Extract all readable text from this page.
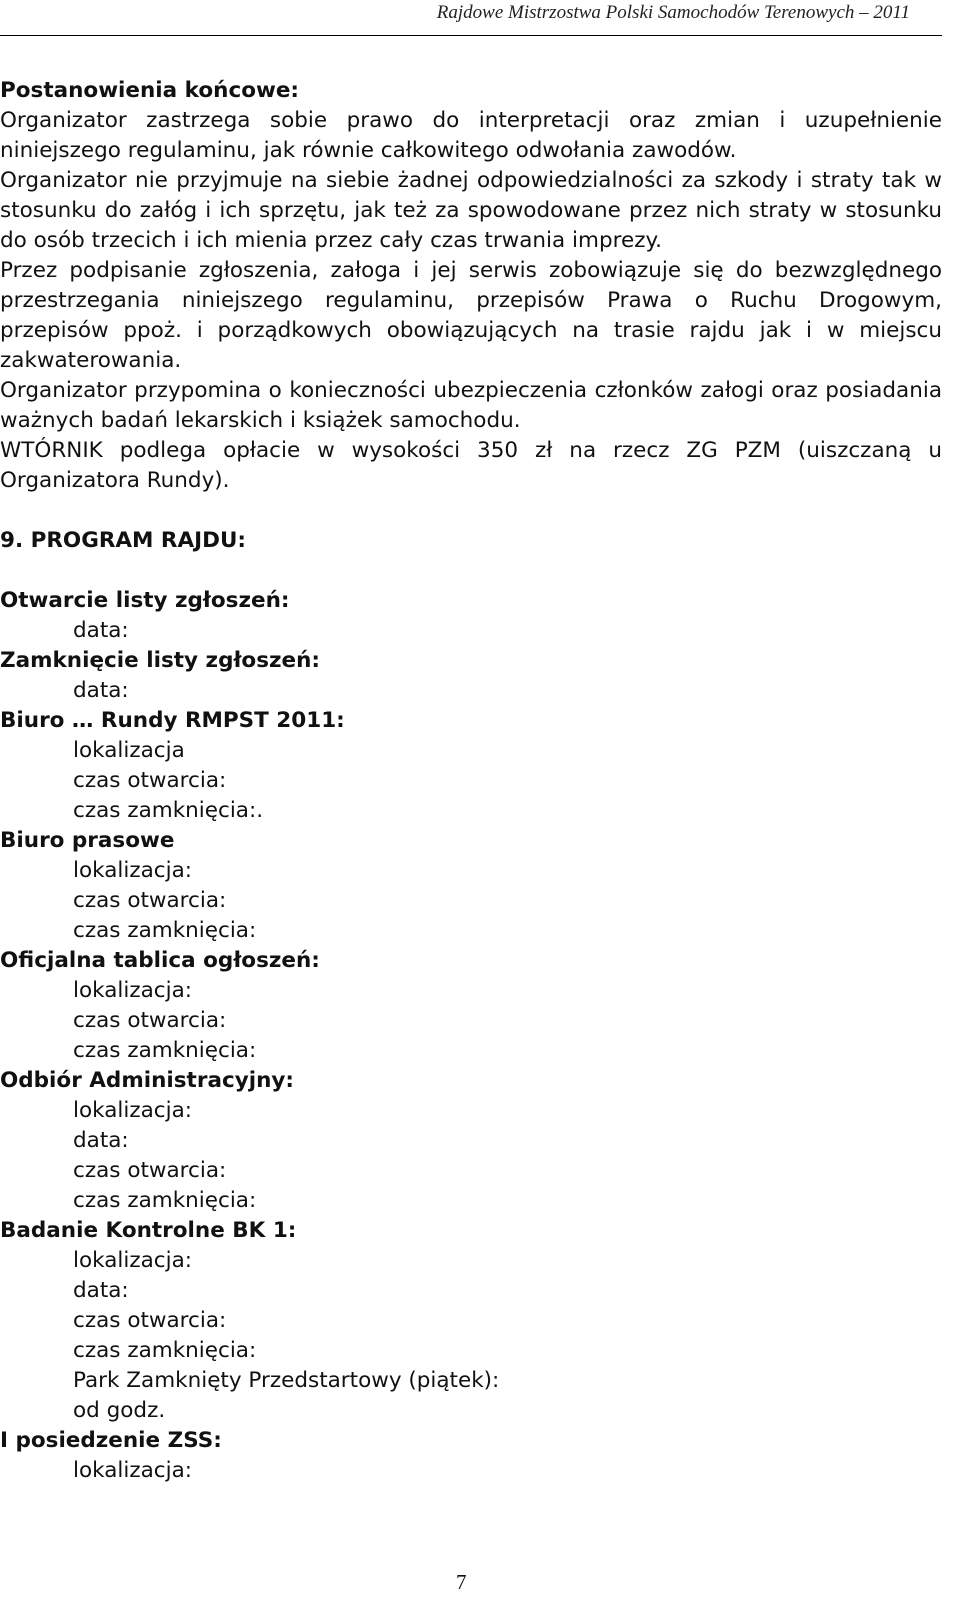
Rajdowe Mistrzostwa Polski Samochodów Terenowych – 2011
Postanowienia końcowe:
Organizator zastrzega sobie prawo do interpretacji oraz zmian i uzupełnienie niniejszego regulaminu, jak równie całkowitego odwołania zawodów.
Organizator nie przyjmuje na siebie żadnej odpowiedzialności za szkody i straty tak w stosunku do załóg i ich sprzętu, jak też za spowodowane przez nich straty w stosunku do osób trzecich i ich mienia przez cały czas trwania imprezy.
Przez podpisanie zgłoszenia, załoga i jej serwis zobowiązuje się do bezwzględnego przestrzegania niniejszego regulaminu, przepisów Prawa o Ruchu Drogowym, przepisów ppoż. i porządkowych obowiązujących na trasie rajdu jak i w miejscu zakwaterowania.
Organizator przypomina o konieczności ubezpieczenia członków załogi oraz posiadania ważnych badań lekarskich i książek samochodu.
WTÓRNIK podlega opłacie w wysokości 350 zł na rzecz ZG PZM (uiszczaną u Organizatora Rundy).
9. PROGRAM RAJDU:
Otwarcie listy zgłoszeń:
data:
Zamknięcie listy zgłoszeń:
data:
Biuro … Rundy RMPST 2011:
lokalizacja
czas otwarcia:
czas zamknięcia:.
Biuro prasowe
lokalizacja:
czas otwarcia:
czas zamknięcia:
Oficjalna tablica ogłoszeń:
lokalizacja:
czas otwarcia:
czas zamknięcia:
Odbiór Administracyjny:
lokalizacja:
data:
czas otwarcia:
czas zamknięcia:
Badanie Kontrolne BK 1:
lokalizacja:
data:
czas otwarcia:
czas zamknięcia:
Park Zamknięty Przedstartowy (piątek):
od godz.
I posiedzenie ZSS:
lokalizacja:
7
